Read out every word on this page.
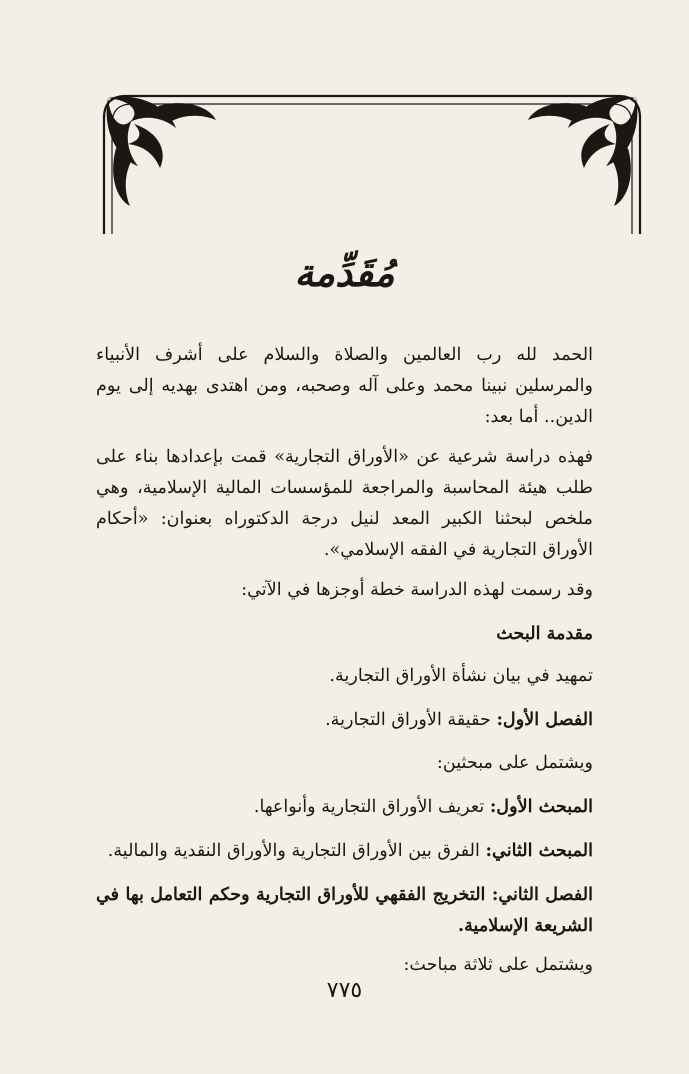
مُقَدِّمة

الحمد لله رب العالمين والصلاة والسلام على أشرف الأنبياء والمرسلين نبينا محمد وعلى آله وصحبه، ومن اهتدى بهديه إلى يوم الدين.. أما بعد:

فهذه دراسة شرعية عن «الأوراق التجارية» قمت بإعدادها بناء على طلب هيئة المحاسبة والمراجعة للمؤسسات المالية الإسلامية، وهي ملخص لبحثنا الكبير المعد لنيل درجة الدكتوراه بعنوان: «أحكام الأوراق التجارية في الفقه الإسلامي».

وقد رسمت لهذه الدراسة خطة أوجزها في الآتي:

مقدمة البحث

تمهيد في بيان نشأة الأوراق التجارية.

الفصل الأول: حقيقة الأوراق التجارية.

ويشتمل على مبحثين:

المبحث الأول: تعريف الأوراق التجارية وأنواعها.

المبحث الثاني: الفرق بين الأوراق التجارية والأوراق النقدية والمالية.

الفصل الثاني: التخريج الفقهي للأوراق التجارية وحكم التعامل بها في الشريعة الإسلامية.

ويشتمل على ثلاثة مباحث:

٧٧٥
